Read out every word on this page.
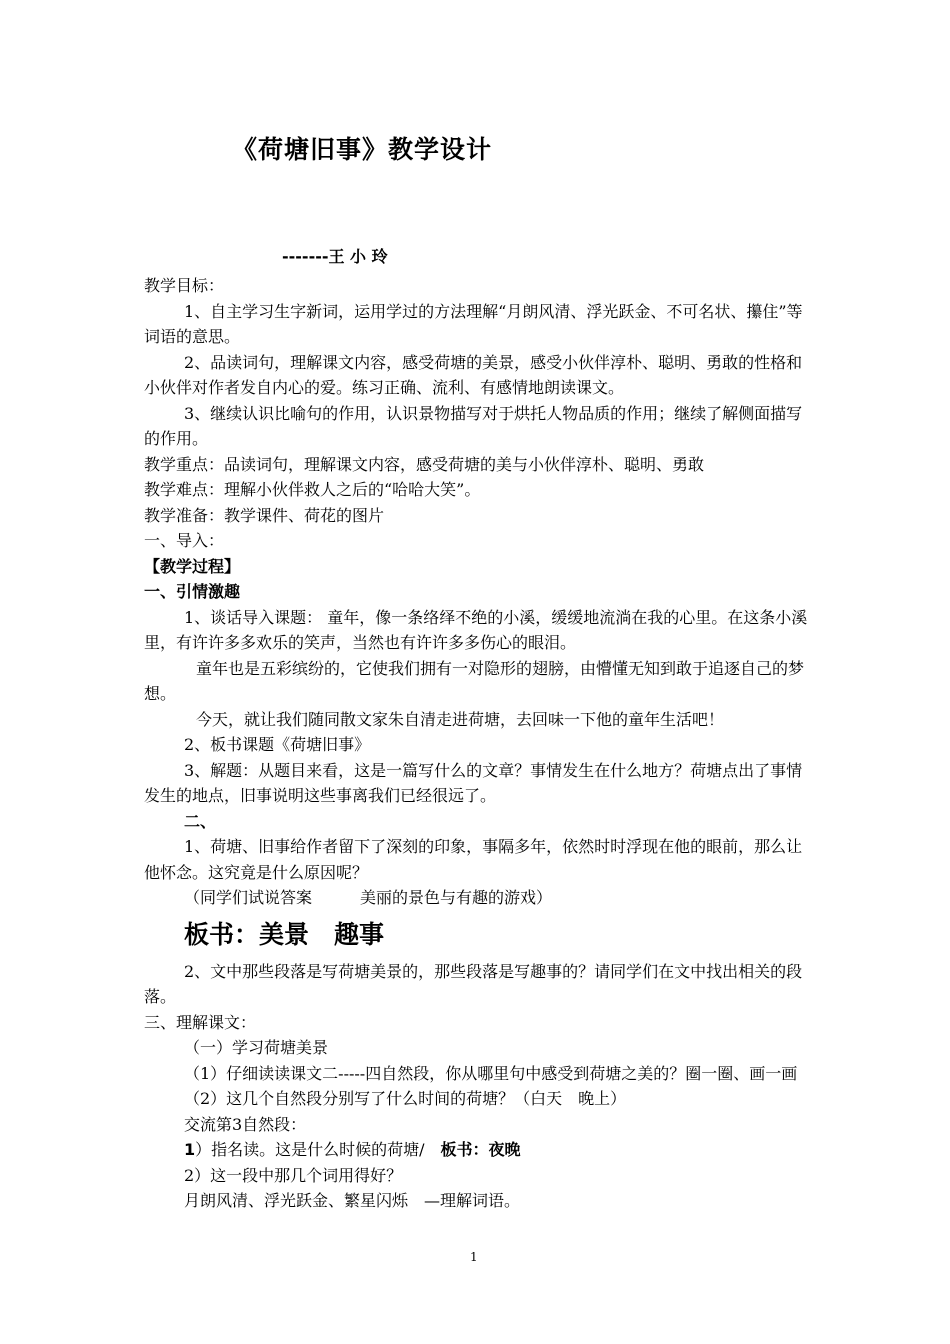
《荷塘旧事》教学设计
-------王 小 玲

教学目标：

1、自主学习生字新词，运用学过的方法理解“月朗风清、浮光跃金、不可名状、攥住”等词语的意思。

2、品读词句，理解课文内容，感受荷塘的美景，感受小伙伴淳朴、聪明、勇敢的性格和小伙伴对作者发自内心的爱。练习正确、流利、有感情地朗读课文。

3、继续认识比喻句的作用，认识景物描写对于烘托人物品质的作用；继续了解侧面描写的作用。

教学重点：品读词句，理解课文内容，感受荷塘的美与小伙伴淳朴、聪明、勇敢

教学难点：理解小伙伴救人之后的“哈哈大笑”。

教学准备：教学课件、荷花的图片

一、导入：

【教学过程】

一、引情激趣

1、谈话导入课题： 童年，像一条络绎不绝的小溪，缓缓地流淌在我的心里。在这条小溪里，有许许多多欢乐的笑声，当然也有许许多多伤心的眼泪。

童年也是五彩缤纷的，它使我们拥有一对隐形的翅膀，由懵懂无知到敢于追逐自己的梦想。

今天，就让我们随同散文家朱自清走进荷塘，去回味一下他的童年生活吧！

2、板书课题《荷塘旧事》

3、解题：从题目来看，这是一篇写什么的文章？事情发生在什么地方？荷塘点出了事情发生的地点，旧事说明这些事离我们已经很远了。

二、

1、荷塘、旧事给作者留下了深刻的印象，事隔多年，依然时时浮现在他的眼前，那么让他怀念。这究竟是什么原因呢？

（同学们试说答案　　　美丽的景色与有趣的游戏）

板书：美景　趣事

2、文中那些段落是写荷塘美景的，那些段落是写趣事的？请同学们在文中找出相关的段落。

三、理解课文：

（一）学习荷塘美景

（1）仔细读读课文二-----四自然段，你从哪里句中感受到荷塘之美的？圈一圈、画一画

（2）这几个自然段分别写了什么时间的荷塘？（白天　晚上）

交流第3自然段：

1）指名读。这是什么时候的荷塘/　板书：夜晚

2）这一段中那几个词用得好？

月朗风清、浮光跃金、繁星闪烁　—理解词语。

1
